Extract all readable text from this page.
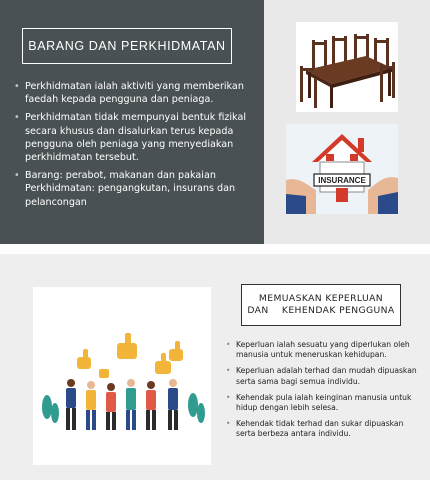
BARANG DAN PERKHIDMATAN
• Perkhidmatan ialah aktiviti yang memberikan faedah kepada pengguna dan peniaga.
• Perkhidmatan tidak mempunyai bentuk fizikal secara khusus dan disalurkan terus kepada pengguna oleh peniaga yang menyediakan perkhidmatan tersebut.
• Barang: perabot, makanan dan pakaian Perkhidmatan: pengangkutan, insurans dan pelancongan
INSURANCE
MEMUASKAN KEPERLUAN
DAN    KEHENDAK PENGGUNA
• Keperluan ialah sesuatu yang diperlukan oleh manusia untuk meneruskan kehidupan.
• Keperluan adalah terhad dan mudah dipuaskan serta sama bagi semua individu.
• Kehendak pula ialah keinginan manusia untuk hidup dengan lebih selesa.
• Kehendak tidak terhad dan sukar dipuaskan serta berbeza antara individu.
